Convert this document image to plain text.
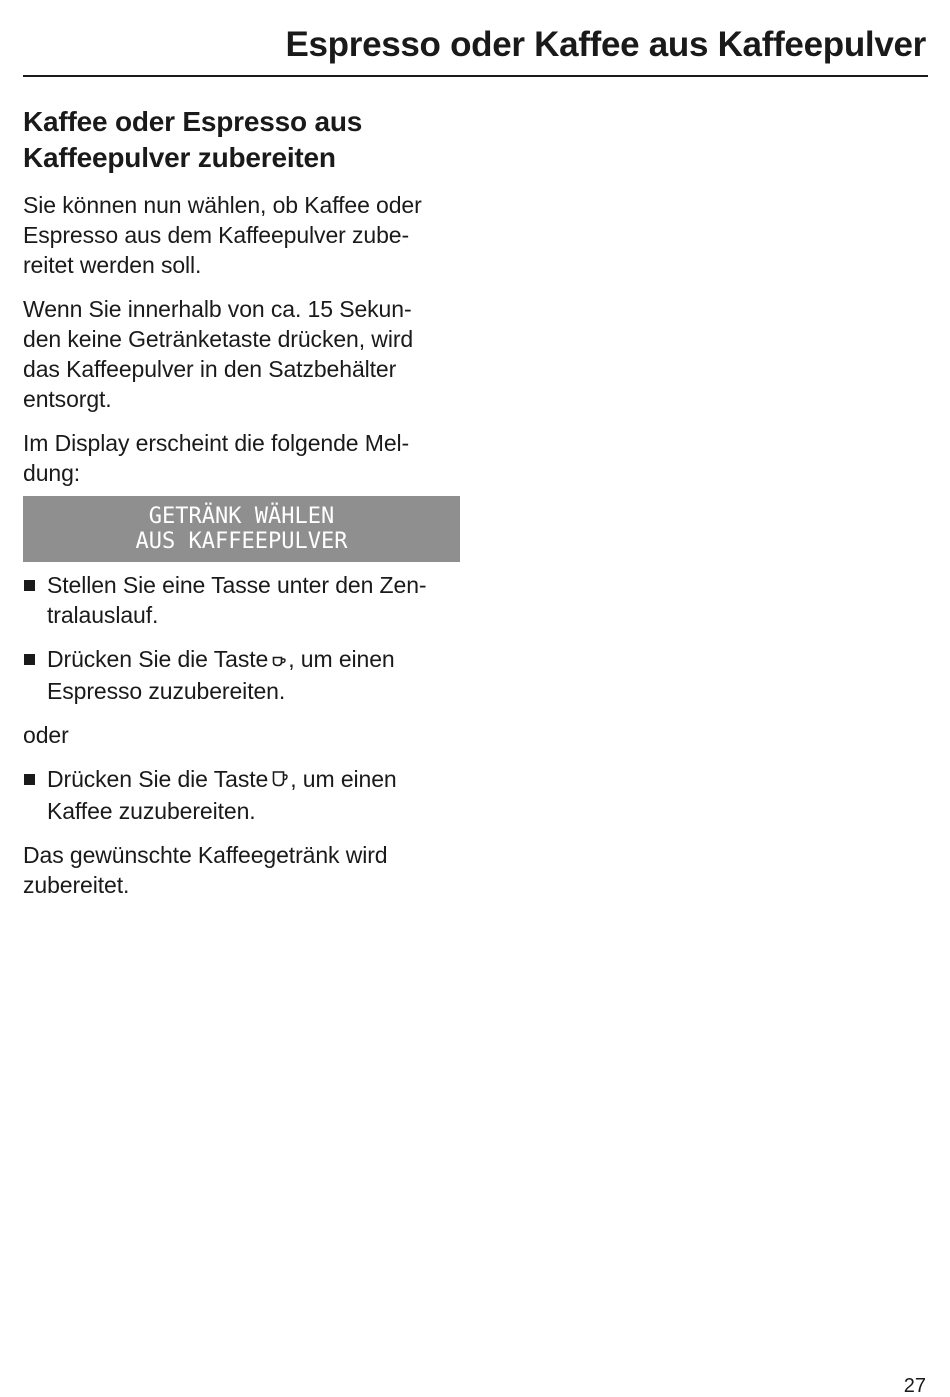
Espresso oder Kaffee aus Kaffeepulver
Kaffee oder Espresso aus
Kaffeepulver zubereiten

Sie können nun wählen, ob Kaffee oder
Espresso aus dem Kaffeepulver zube-
reitet werden soll.

Wenn Sie innerhalb von ca. 15 Sekun-
den keine Getränketaste drücken, wird
das Kaffeepulver in den Satzbehälter
entsorgt.

Im Display erscheint die folgende Mel-
dung:

GETRÄNK WÄHLEN
AUS KAFFEEPULVER
Stellen Sie eine Tasse unter den Zen-
tralauslauf.
Drücken Sie die Taste , um einen
Espresso zuzubereiten.

oder

Drücken Sie die Taste , um einen
Kaffee zuzubereiten.

Das gewünschte Kaffeegetränk wird
zubereitet.

27
